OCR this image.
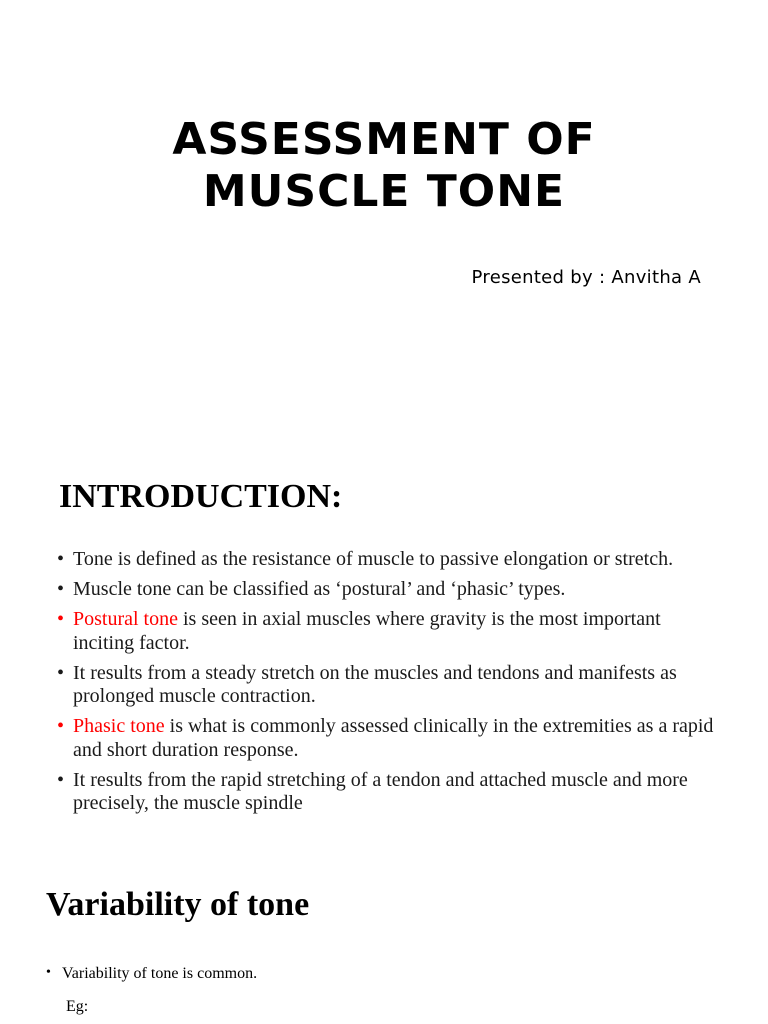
ASSESSMENT OF
MUSCLE TONE
Presented by : Anvitha A
INTRODUCTION:
• Tone is defined as the resistance of muscle to passive elongation or stretch.
• Muscle tone can be classified as ‘postural’ and ‘phasic’ types.
• Postural tone is seen in axial muscles where gravity is the most important inciting factor.
• It results from a steady stretch on the muscles and tendons and manifests as prolonged muscle contraction.
• Phasic tone is what is commonly assessed clinically in the extremities as a rapid and short duration response.
• It results from the rapid stretching of a tendon and attached muscle and more precisely, the muscle spindle
Variability of tone
• Variability of tone is common.
Eg:
